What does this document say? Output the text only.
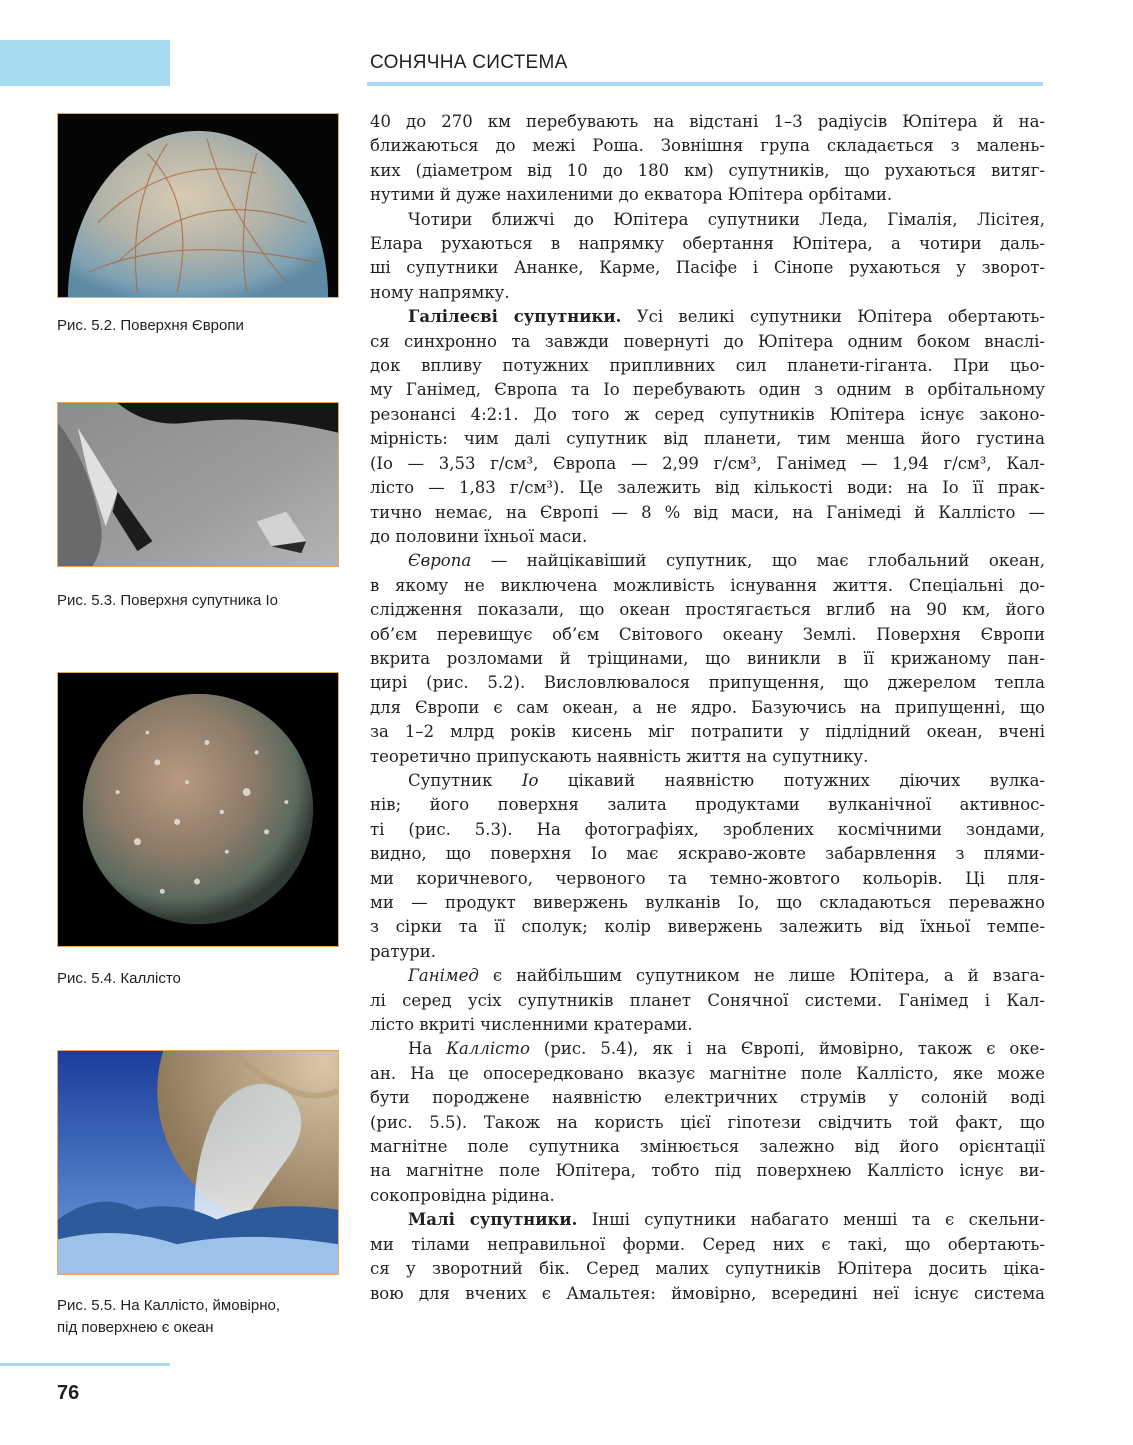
СОНЯЧНА СИСТЕМА
Рис. 5.2. Поверхня Європи
Рис. 5.3. Поверхня супутника Іо
Рис. 5.4. Каллісто
Рис. 5.5. На Каллісто, ймовірно,
під поверхнею є океан

40 до 270 км перебувають на відстані 1–3 радіусів Юпітера й на-

ближаються до межі Роша. Зовнішня група складається з малень-

ких (діаметром від 10 до 180 км) супутників, що рухаються витяг-

нутими й дуже нахиленими до екватора Юпітера орбітами.

Чотири ближчі до Юпітера супутники Леда, Гімалія, Лісітея,

Елара рухаються в напрямку обертання Юпітера, а чотири даль-

ші супутники Ананке, Карме, Пасіфе і Сінопе рухаються у зворот-

ному напрямку.

Галілеєві супутники. Усі великі супутники Юпітера обертають-

ся синхронно та завжди повернуті до Юпітера одним боком внаслі-

док впливу потужних припливних сил планети-гіганта. При цьо-

му Ганімед, Європа та Іо перебувають один з одним в орбітальному

резонансі 4:2:1. До того ж серед супутників Юпітера існує законо-

мірність: чим далі супутник від планети, тим менша його густина

(Іо — 3,53 г/см³, Європа — 2,99 г/см³, Ганімед — 1,94 г/см³, Кал-

лісто — 1,83 г/см³). Це залежить від кількості води: на Іо її прак-

тично немає, на Європі — 8 % від маси, на Ганімеді й Каллісто —

до половини їхньої маси.

Європа — найцікавіший супутник, що має глобальний океан,

в якому не виключена можливість існування життя. Спеціальні до-

слідження показали, що океан простягається вглиб на 90 км, його

об’єм перевищує об’єм Світового океану Землі. Поверхня Європи

вкрита розломами й тріщинами, що виникли в її крижаному пан-

цирі (рис. 5.2). Висловлювалося припущення, що джерелом тепла

для Європи є сам океан, а не ядро. Базуючись на припущенні, що

за 1–2 млрд років кисень міг потрапити у підлідний океан, вчені

теоретично припускають наявність життя на супутнику.

Супутник Іо цікавий наявністю потужних діючих вулка-

нів; його поверхня залита продуктами вулканічної активнос-

ті (рис. 5.3). На фотографіях, зроблених космічними зондами,

видно, що поверхня Іо має яскраво-жовте забарвлення з плями-

ми коричневого, червоного та темно-жовтого кольорів. Ці пля-

ми — продукт вивержень вулканів Іо, що складаються переважно

з сірки та її сполук; колір вивержень залежить від їхньої темпе-

ратури.

Ганімед є найбільшим супутником не лише Юпітера, а й взага-

лі серед усіх супутників планет Сонячної системи. Ганімед і Кал-

лісто вкриті численними кратерами.

На Каллісто (рис. 5.4), як і на Європі, ймовірно, також є оке-

ан. На це опосередковано вказує магнітне поле Каллісто, яке може

бути породжене наявністю електричних струмів у солоній воді

(рис. 5.5). Також на користь цієї гіпотези свідчить той факт, що

магнітне поле супутника змінюється залежно від його орієнтації

на магнітне поле Юпітера, тобто під поверхнею Каллісто існує ви-

сокопровідна рідина.

Малі супутники. Інші супутники набагато менші та є скельни-

ми тілами неправильної форми. Серед них є такі, що обертають-

ся у зворотний бік. Серед малих супутників Юпітера досить ціка-

вою для вчених є Амальтея: ймовірно, всередині неї існує система

76
